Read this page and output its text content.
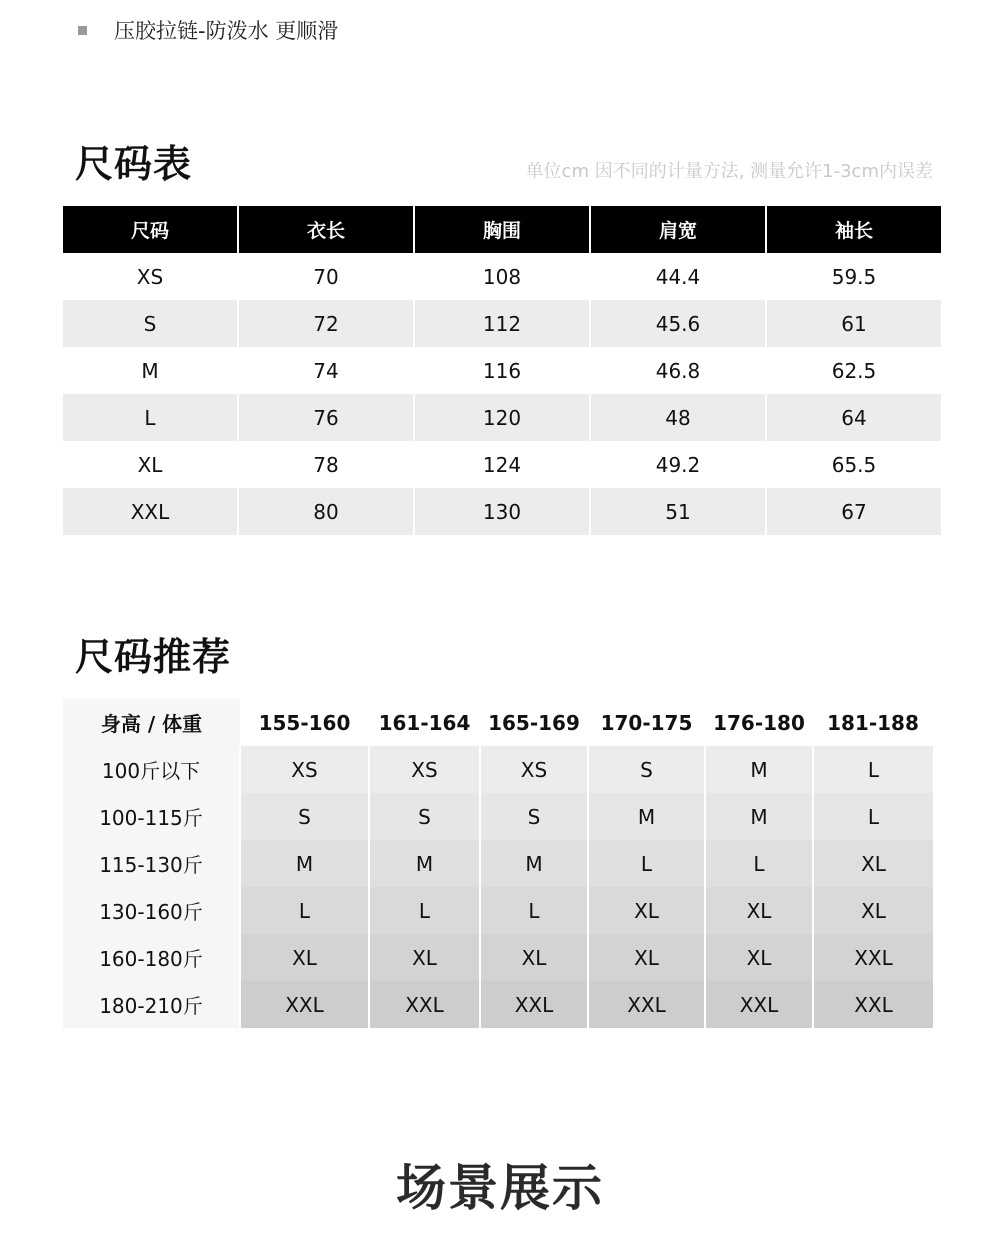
压胶拉链-防泼水 更顺滑
尺码表	单位cm 因不同的计量方法, 测量允许1-3cm内误差
尺码	衣长	胸围	肩宽	袖长
XS	70	108	44.4	59.5
S	72	112	45.6	61
M	74	116	46.8	62.5
L	76	120	48	64
XL	78	124	49.2	65.5
XXL	80	130	51	67
尺码推荐
身高 / 体重	155-160	161-164	165-169	170-175	176-180	181-188
100斤以下	XS	XS	XS	S	M	L
100-115斤	S	S	S	M	M	L
115-130斤	M	M	M	L	L	XL
130-160斤	L	L	L	XL	XL	XL
160-180斤	XL	XL	XL	XL	XL	XXL
180-210斤	XXL	XXL	XXL	XXL	XXL	XXL
场景展示
